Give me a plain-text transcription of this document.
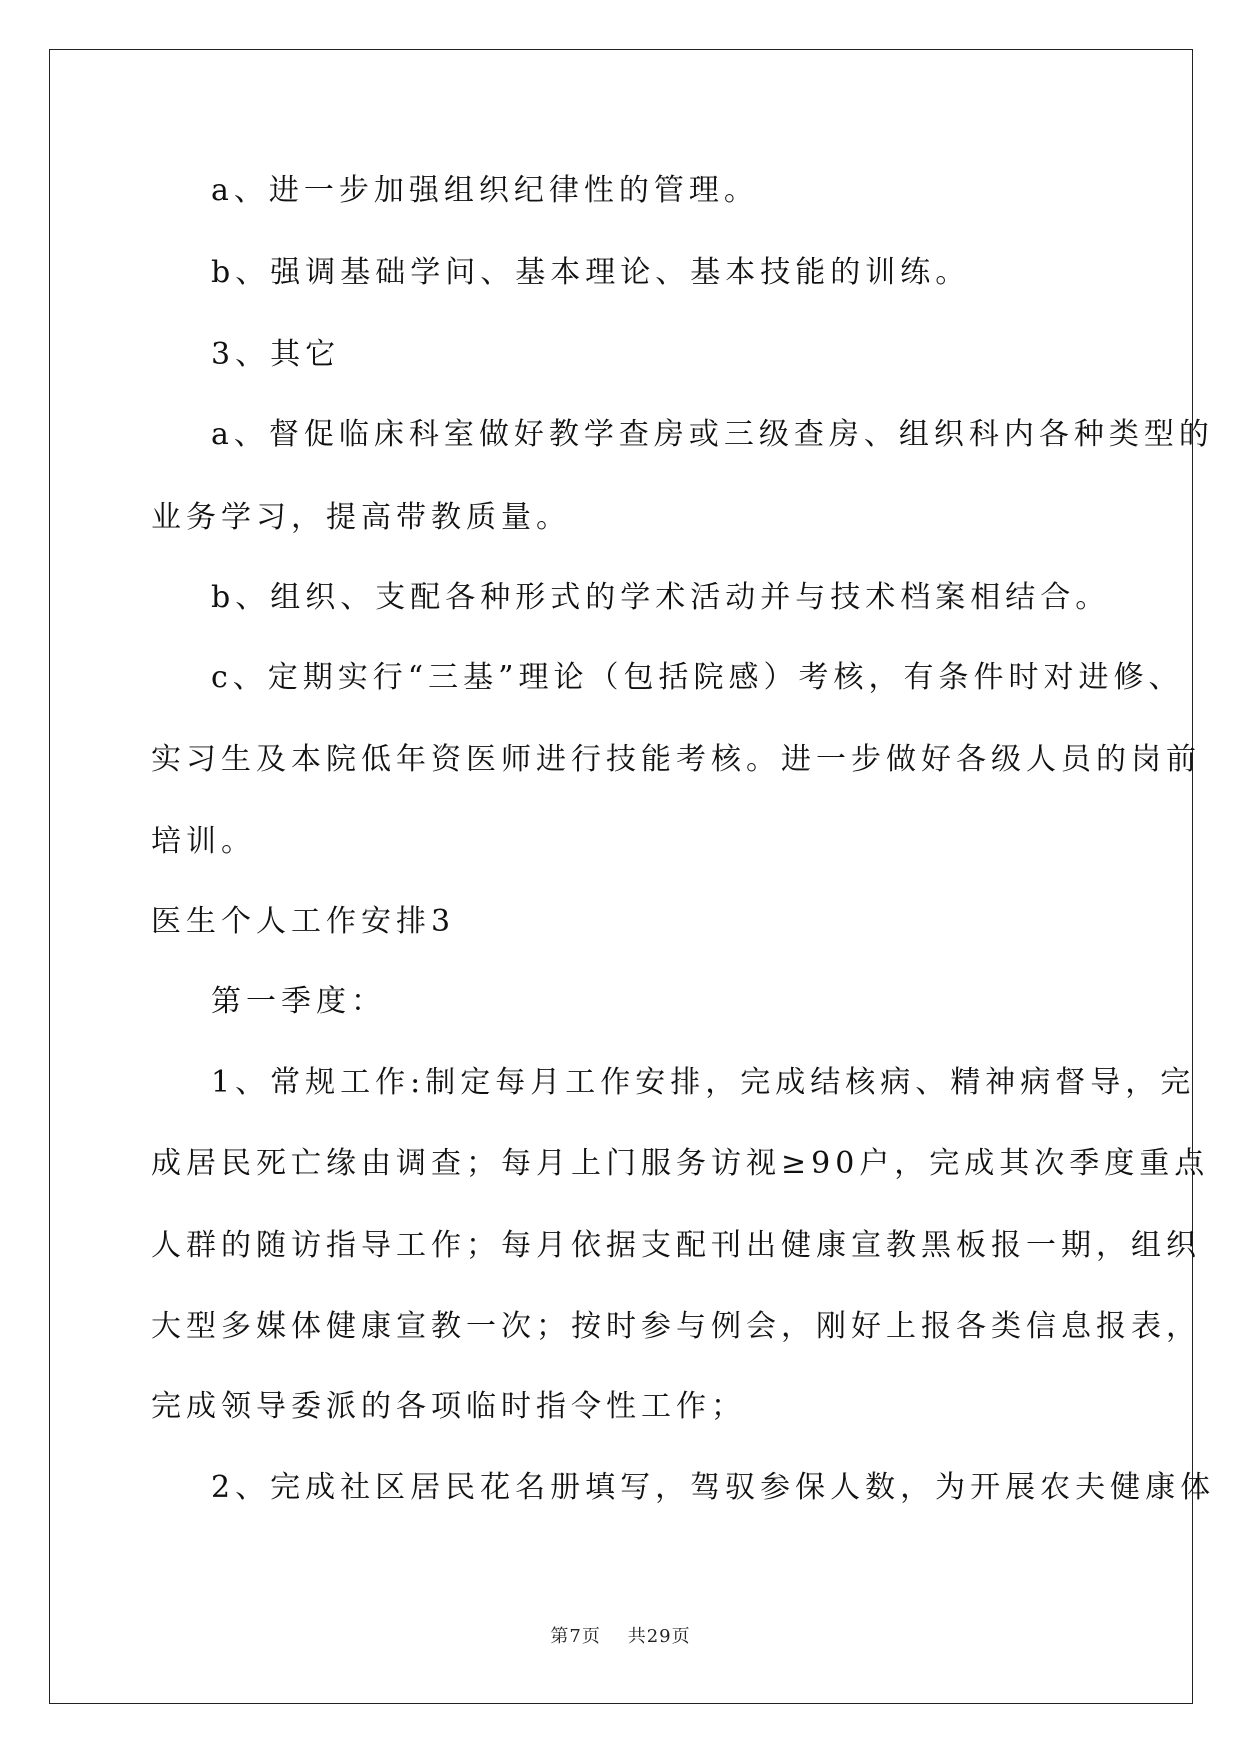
a、进一步加强组织纪律性的管理。
b、强调基础学问、基本理论、基本技能的训练。
3、其它
a、督促临床科室做好教学查房或三级查房、组织科内各种类型的
业务学习，提高带教质量。
b、组织、支配各种形式的学术活动并与技术档案相结合。
c、定期实行“三基”理论（包括院感）考核，有条件时对进修、
实习生及本院低年资医师进行技能考核。进一步做好各级人员的岗前
培训。
医生个人工作安排3
第一季度：
1、常规工作:制定每月工作安排，完成结核病、精神病督导，完
成居民死亡缘由调查；每月上门服务访视≥90户，完成其次季度重点
人群的随访指导工作；每月依据支配刊出健康宣教黑板报一期，组织
大型多媒体健康宣教一次；按时参与例会，刚好上报各类信息报表，
完成领导委派的各项临时指令性工作；
2、完成社区居民花名册填写，驾驭参保人数，为开展农夫健康体
第7页 共29页
